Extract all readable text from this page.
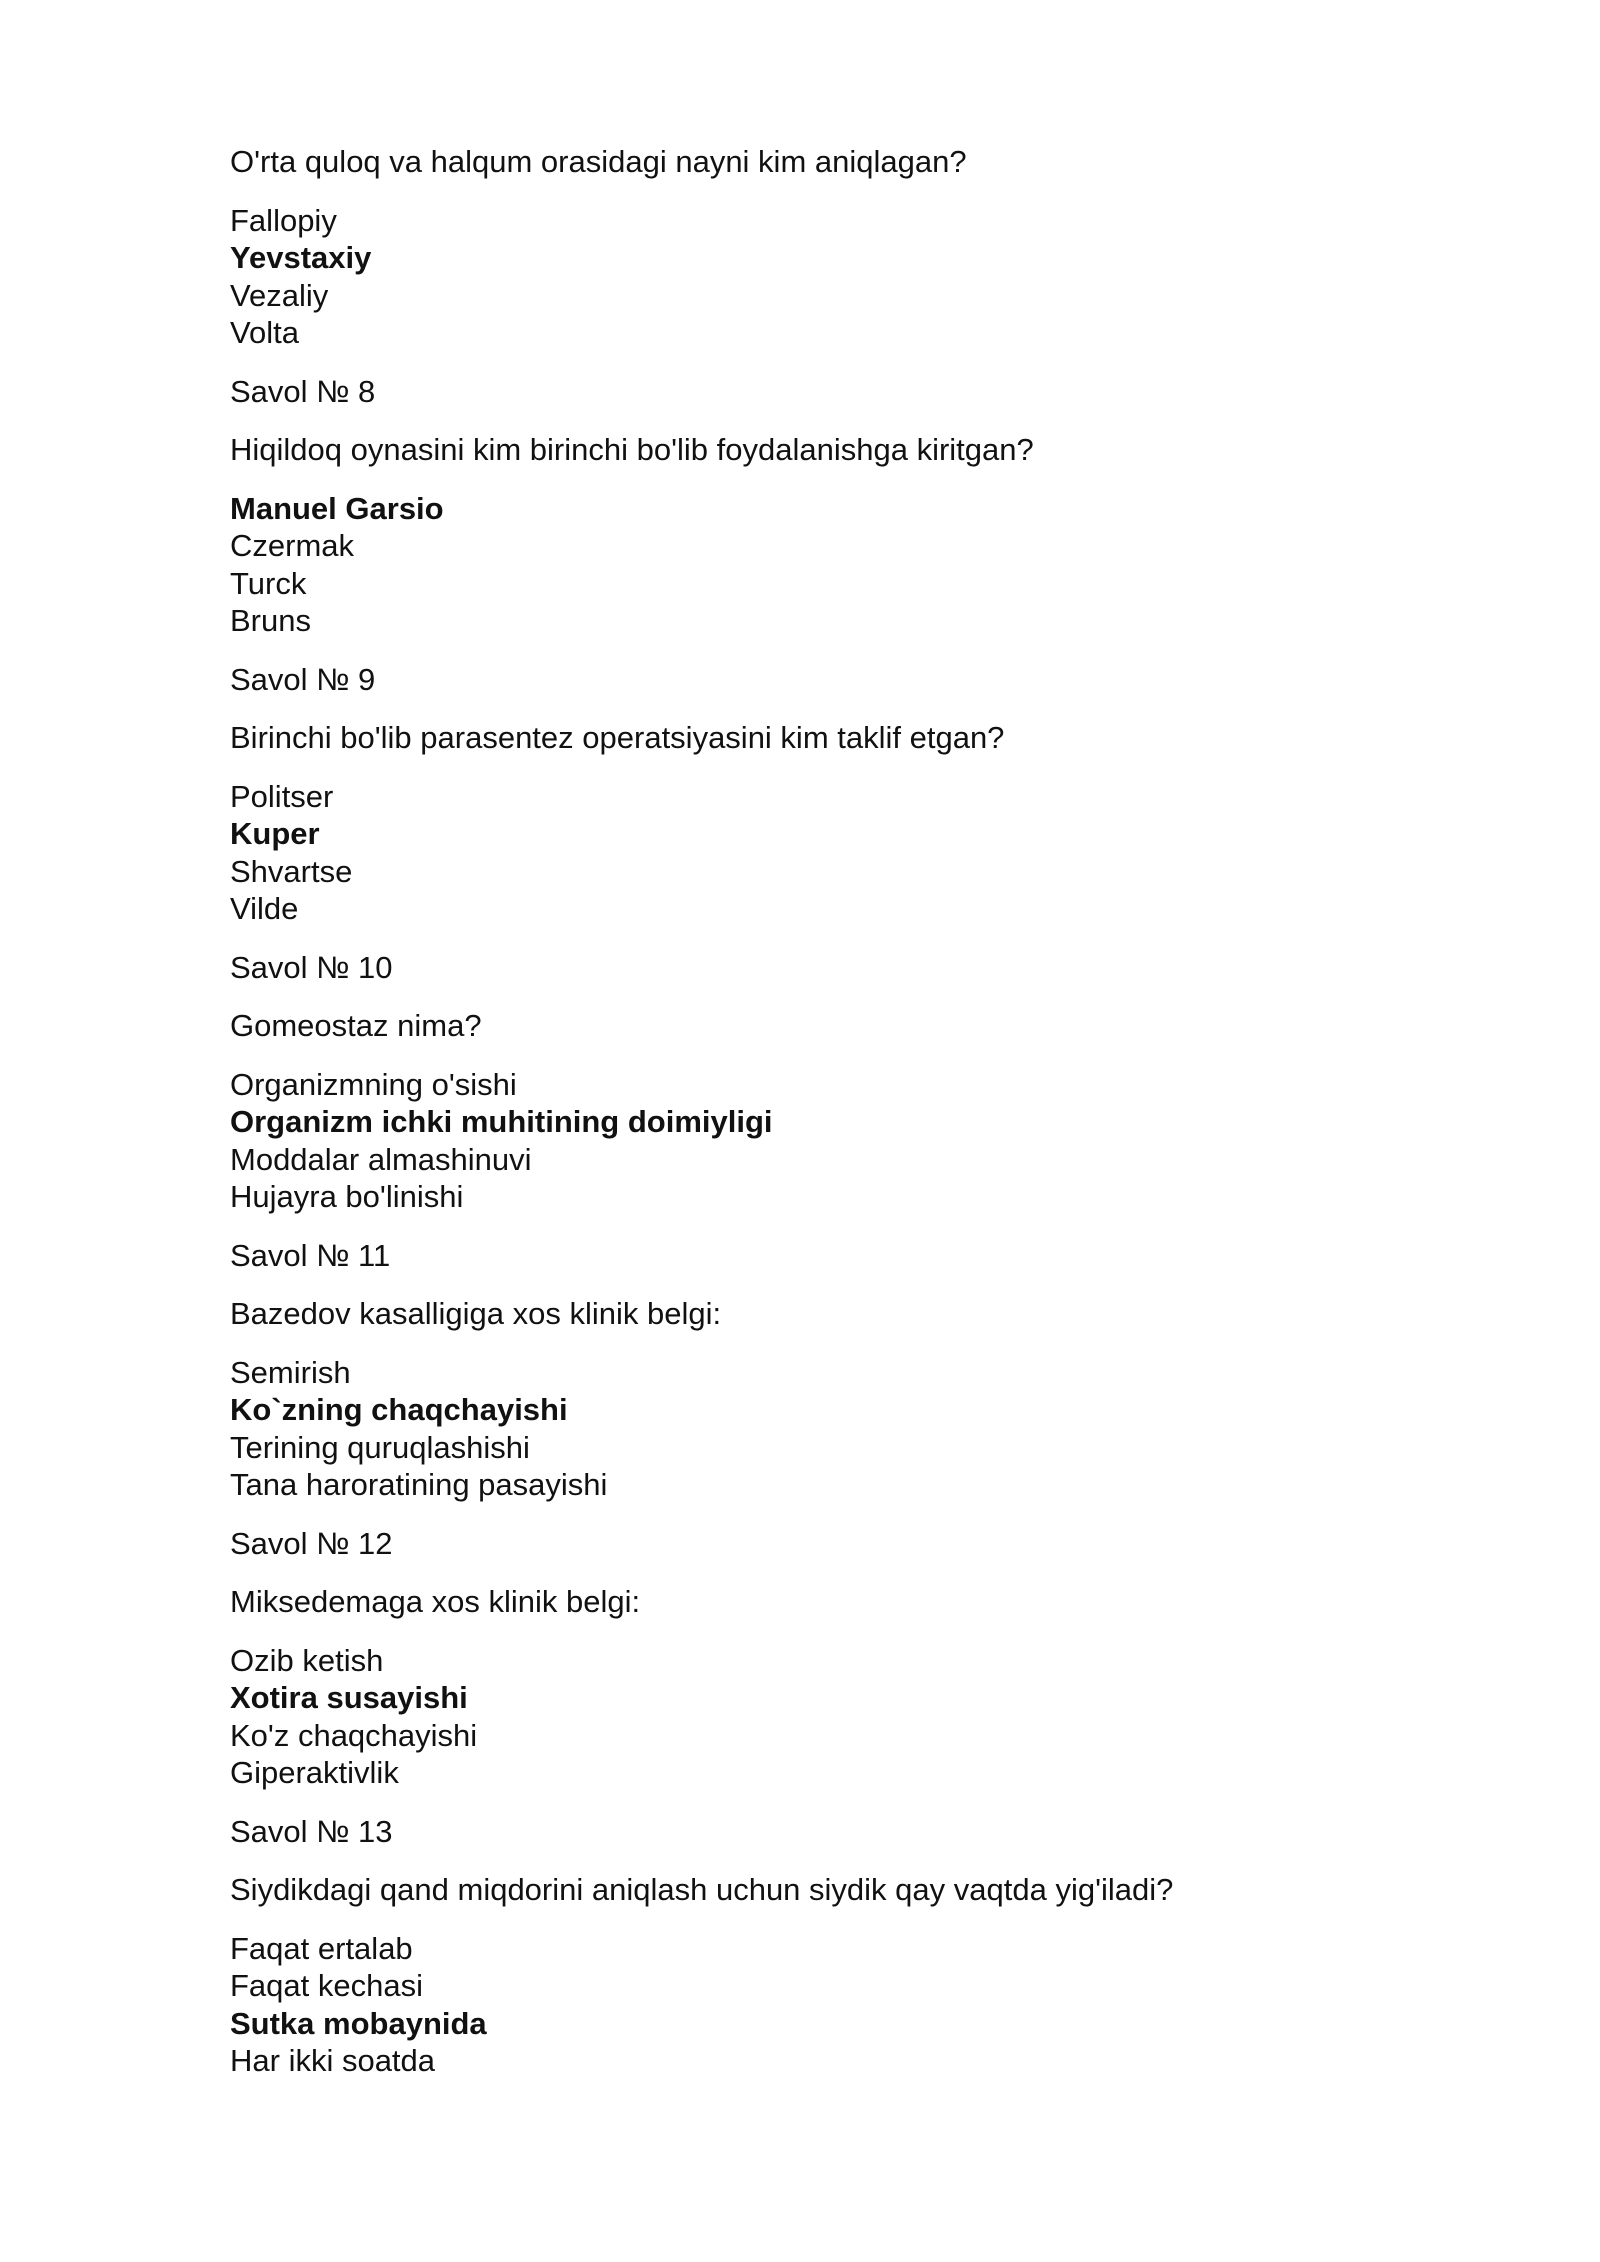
O'rta quloq va halqum orasidagi nayni kim aniqlagan?
Fallopiy
Yevstaxiy
Vezaliy
Volta
Savol № 8
Hiqildoq oynasini kim birinchi bo'lib foydalanishga kiritgan?
Manuel Garsio
Czermak
Turck
Bruns
Savol № 9
Birinchi bo'lib parasentez operatsiyasini kim taklif etgan?
Politser
Kuper
Shvartse
Vilde
Savol № 10
Gomeostaz nima?
Organizmning o'sishi
Organizm ichki muhitining doimiyligi
Moddalar almashinuvi
Hujayra bo'linishi
Savol № 11
Bazedov kasalligiga xos klinik belgi:
Semirish
Ko`zning chaqchayishi
Terining quruqlashishi
Tana haroratining pasayishi
Savol № 12
Miksedemaga xos klinik belgi:
Ozib ketish
Xotira susayishi
Ko'z chaqchayishi
Giperaktivlik
Savol № 13
Siydikdagi qand miqdorini aniqlash uchun siydik qay vaqtda yig'iladi?
Faqat ertalab
Faqat kechasi
Sutka mobaynida
Har ikki soatda
